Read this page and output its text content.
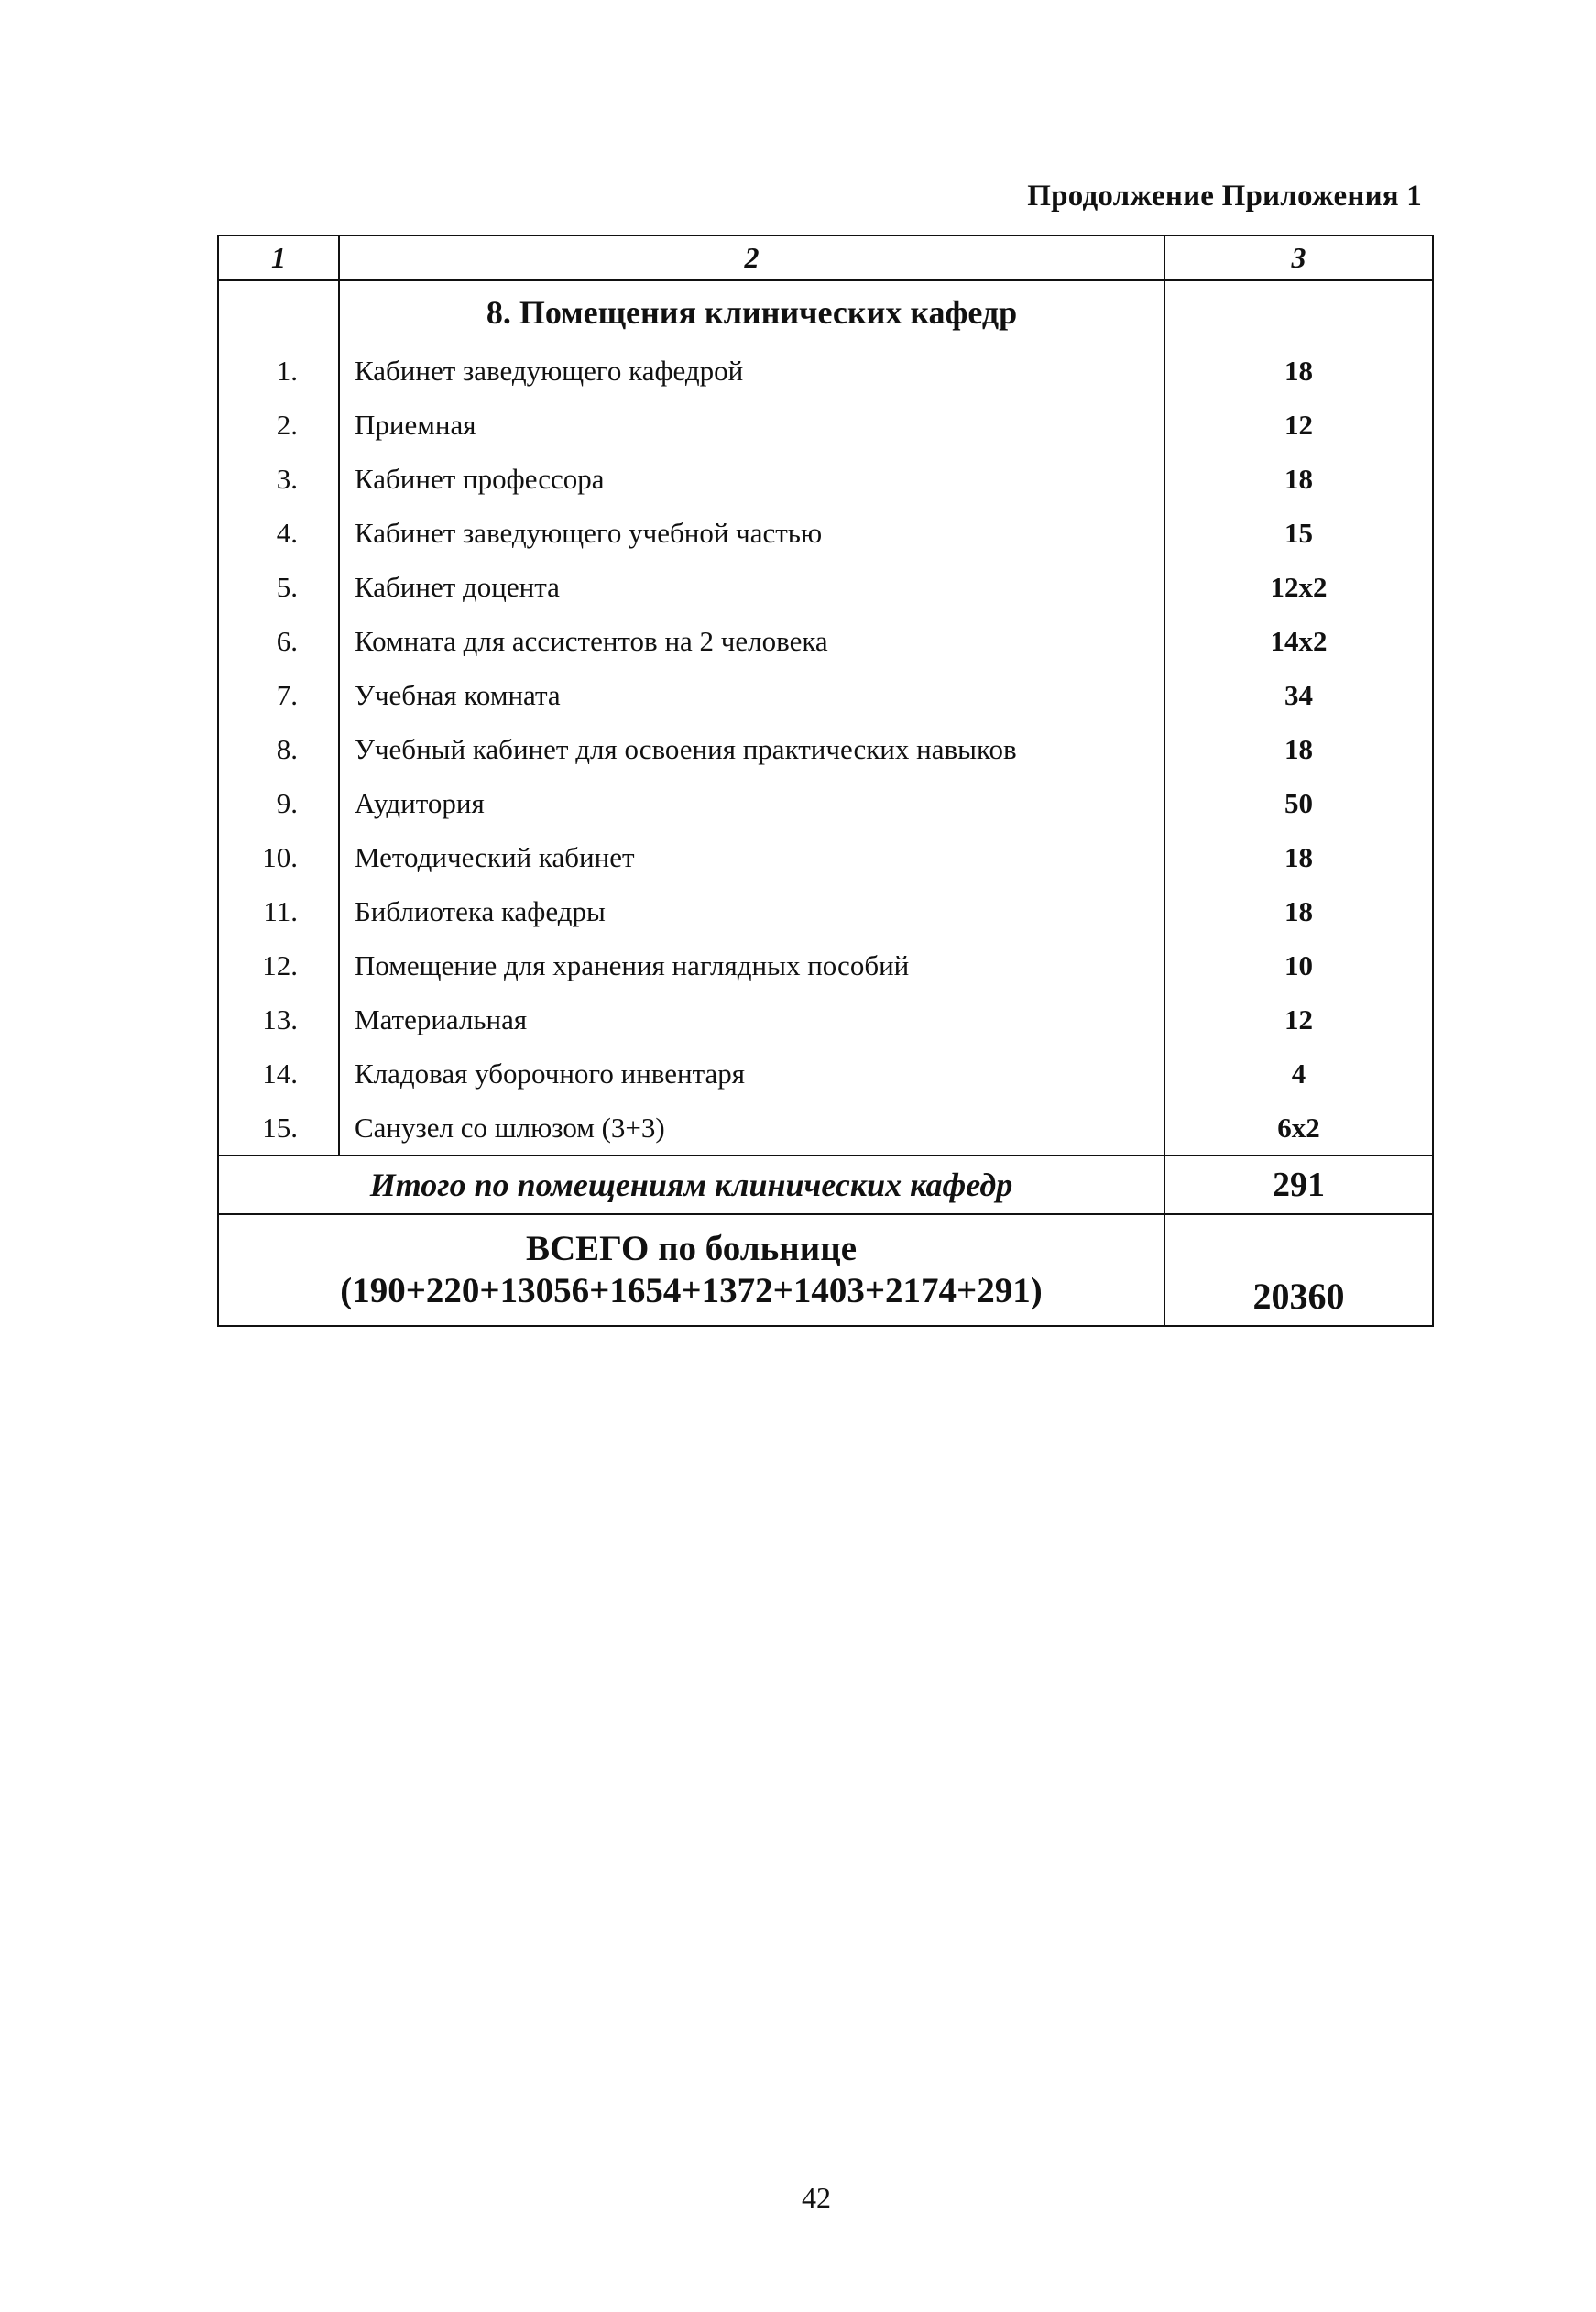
Продолжение Приложения 1
1	2	3
	8. Помещения клинических кафедр	
1.	Кабинет заведующего кафедрой	18
2.	Приемная	12
3.	Кабинет профессора	18
4.	Кабинет заведующего учебной частью	15
5.	Кабинет доцента	12х2
6.	Комната для ассистентов на 2 человека	14х2
7.	Учебная комната	34
8.	Учебный кабинет для освоения практических навыков	18
9.	Аудитория	50
10.	Методический кабинет	18
11.	Библиотека кафедры	18
12.	Помещение для хранения наглядных пособий	10
13.	Материальная	12
14.	Кладовая уборочного инвентаря	4
15.	Санузел со шлюзом (3+3)	6х2
Итого по помещениям клинических кафедр		291

ВСЕГО по больнице
(190+220+13056+1654+1372+1403+2174+291)		20360
42
